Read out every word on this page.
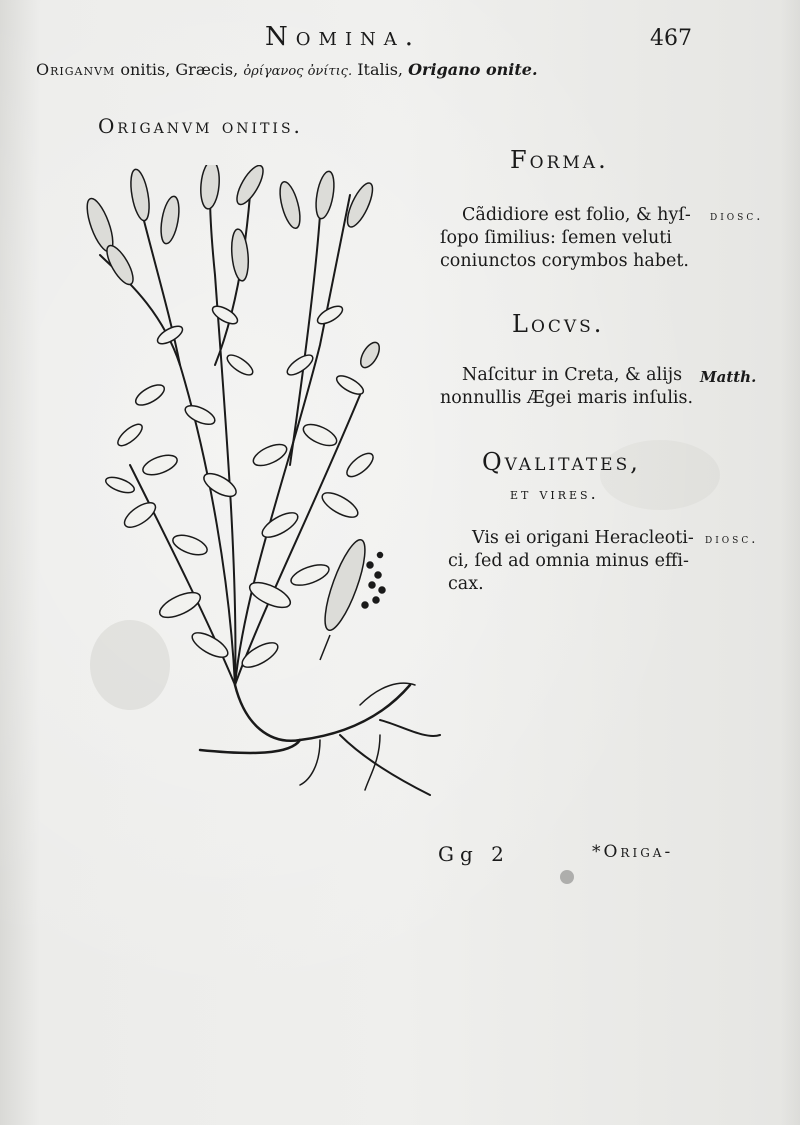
Nomina.	467
Origanvm onitis, Græcis, ὀρίγανος ὀνίτις. Italis, Origano onite.
Origanvm onitis.
Forma.
Cãdidiore est folio, & hyſ-
ſopo ſimilius: ſemen veluti
coniunctos corymbos habet.
diosc.
Locvs.
Naſcitur in Creta, & alijs
nonnullis Ægei maris inſulis.
Matth.
Qvalitates,
et vires.
Vis ei origani Heracleoti-
ci, ſed ad omnia minus effi-
cax.
diosc.
Gg 2	*Origa-
